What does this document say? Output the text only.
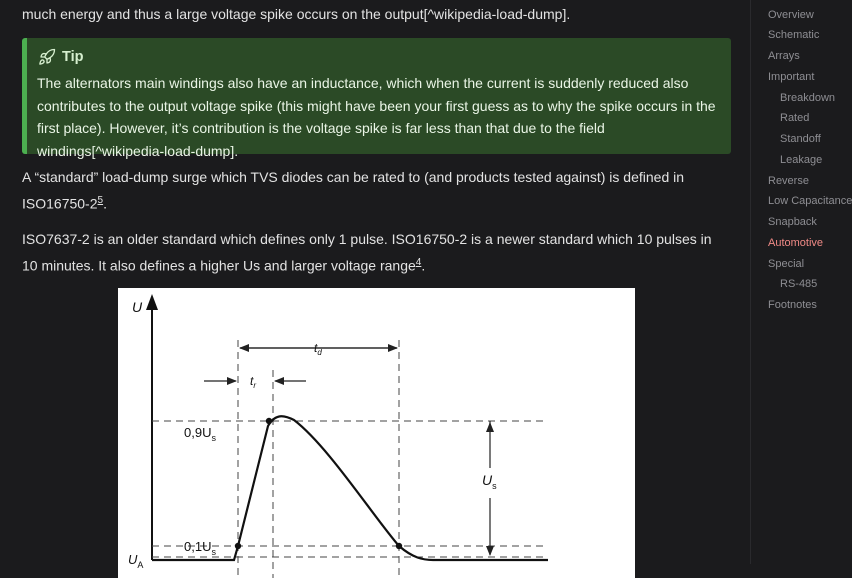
much energy and thus a large voltage spike occurs on the output[^wikipedia-load-dump].
Tip
The alternators main windings also have an inductance, which when the current is suddenly reduced also contributes to the output voltage spike (this might have been your first guess as to why the spike occurs in the first place). However, it’s contribution is the voltage spike is far less than that due to the field windings[^wikipedia-load-dump].
A “standard” load-dump surge which TVS diodes can be rated to (and products tested against) is defined in ISO16750-2$^5$.
ISO7637-2 is an older standard which defines only 1 pulse. ISO16750-2 is a newer standard which 10 pulses in 10 minutes. It also defines a higher Us and larger voltage range$^4$.
U
$t_d$
$t_r$
$U_s$
$0,9U_s$
$0,1U_s$
$U_A$
Overview
Schematic
Arrays
Important
Breakdown
Rated
Standoff
Leakage
Reverse
Low Capacitance
Snapback
Automotive
Special
RS-485
Footnotes
